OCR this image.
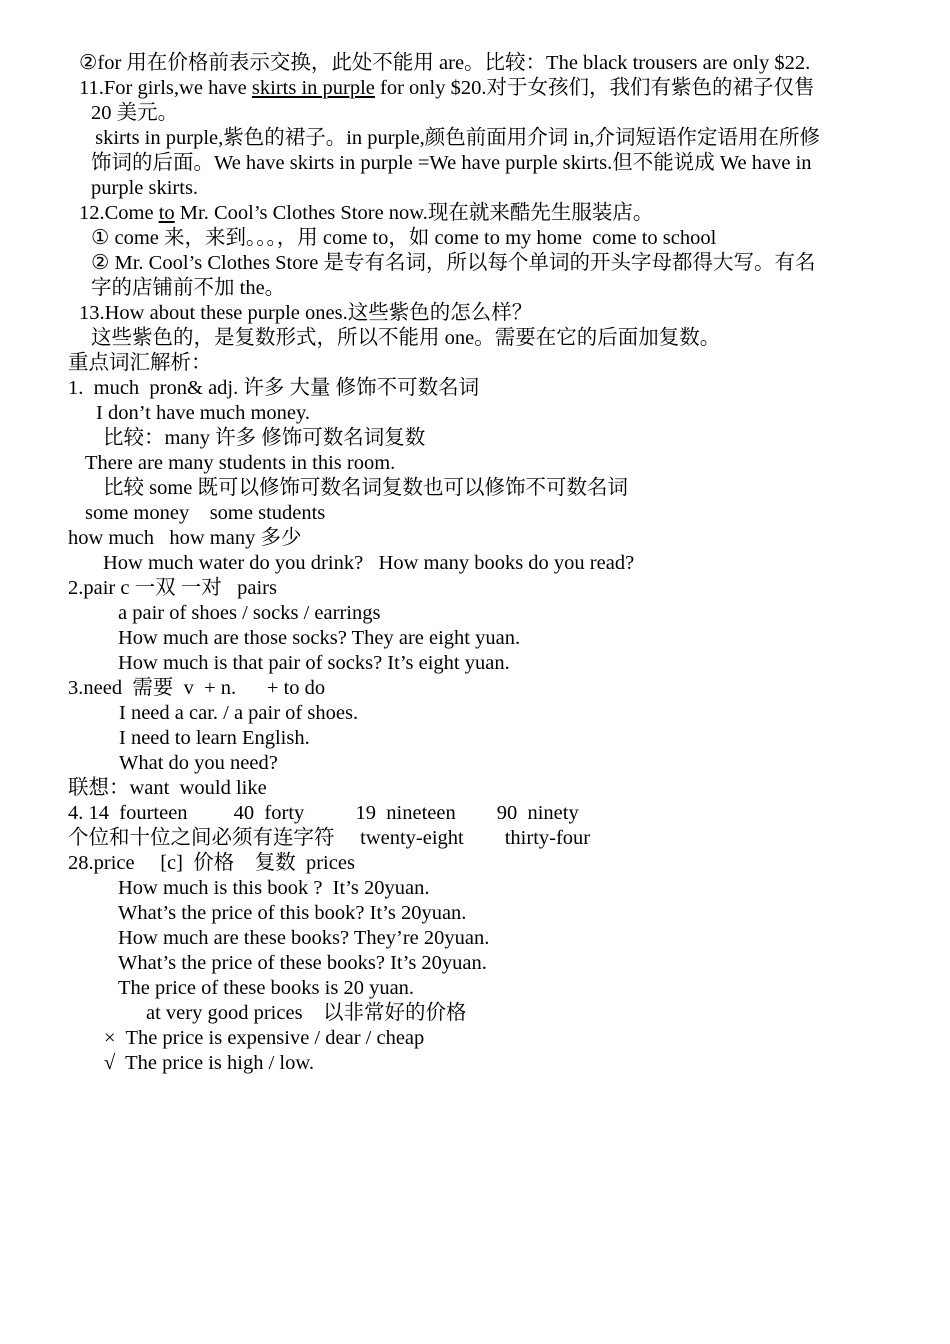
②for 用在价格前表示交换，此处不能用 are。比较：The black trousers are only $22.
11.For girls,we have skirts in purple for only $20.对于女孩们，我们有紫色的裙子仅售
20 美元。
skirts in purple,紫色的裙子。in purple,颜色前面用介词 in,介词短语作定语用在所修
饰词的后面。We have skirts in purple =We have purple skirts.但不能说成 We have in
purple skirts.
12.Come to Mr. Cool’s Clothes Store now.现在就来酷先生服装店。
① come 来，来到。。。，用 come to，如 come to my home  come to school
② Mr. Cool’s Clothes Store 是专有名词，所以每个单词的开头字母都得大写。有名
字的店铺前不加 the。
13.How about these purple ones.这些紫色的怎么样？
这些紫色的，是复数形式，所以不能用 one。需要在它的后面加复数。
重点词汇解析：
1.  much  pron& adj. 许多 大量 修饰不可数名词
I don’t have much money.
比较：many 许多 修饰可数名词复数
There are many students in this room.
比较 some 既可以修饰可数名词复数也可以修饰不可数名词
some money    some students
how much   how many 多少
How much water do you drink?   How many books do you read?
2.pair c 一双 一对   pairs
a pair of shoes / socks / earrings
How much are those socks? They are eight yuan.
How much is that pair of socks? It’s eight yuan.
3.need  需要  v  + n.      + to do
I need a car. / a pair of shoes.
I need to learn English.
What do you need?
联想：want  would like
4. 14  fourteen         40  forty          19  nineteen        90  ninety
个位和十位之间必须有连字符     twenty-eight        thirty-four
28.price     [c]  价格    复数  prices
How much is this book ?  It’s 20yuan.
What’s the price of this book? It’s 20yuan.
How much are these books? They’re 20yuan.
What’s the price of these books? It’s 20yuan.
The price of these books is 20 yuan.
at very good prices    以非常好的价格
×  The price is expensive / dear / cheap
√  The price is high / low.
